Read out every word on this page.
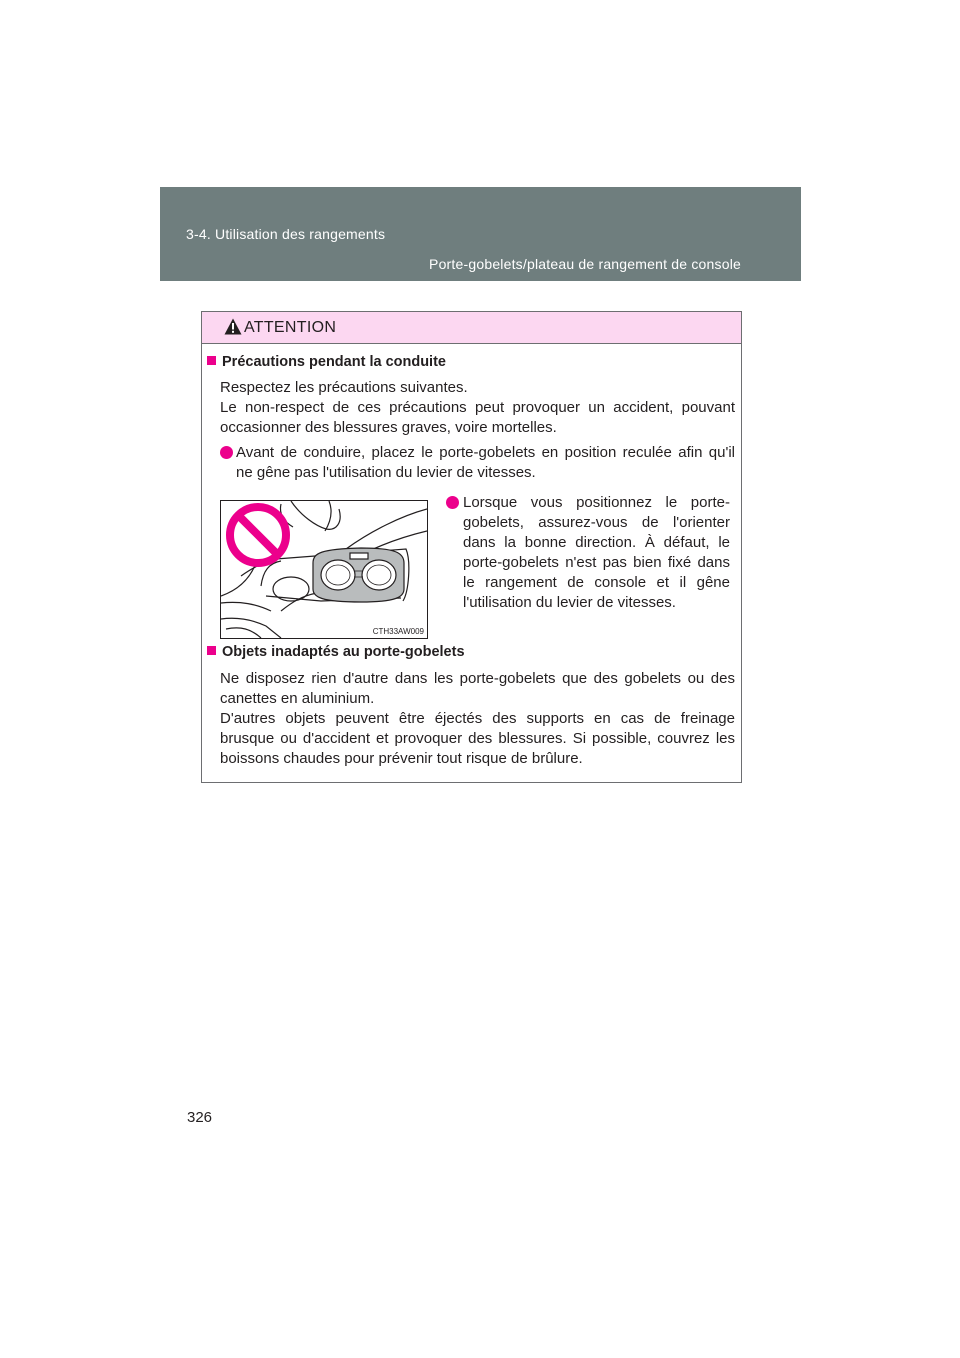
3-4. Utilisation des rangements
Porte-gobelets/plateau de rangement de console
ATTENTION
Précautions pendant la conduite
Respectez les précautions suivantes.
Le non-respect de ces précautions peut provoquer un accident, pouvant
occasionner des blessures graves, voire mortelles.
Avant de conduire, placez le porte-gobelets en position reculée afin qu'il
ne gêne pas l'utilisation du levier de vitesses.
CTH33AW009
Lorsque vous positionnez le porte-
gobelets, assurez-vous de l'orienter
dans la bonne direction. À défaut, le
porte-gobelets n'est pas bien fixé dans
le rangement de console et il gêne
l'utilisation du levier de vitesses.
Objets inadaptés au porte-gobelets
Ne disposez rien d'autre dans les porte-gobelets que des gobelets ou des
canettes en aluminium.
D'autres objets peuvent être éjectés des supports en cas de freinage
brusque ou d'accident et provoquer des blessures. Si possible, couvrez les
boissons chaudes pour prévenir tout risque de brûlure.
326
